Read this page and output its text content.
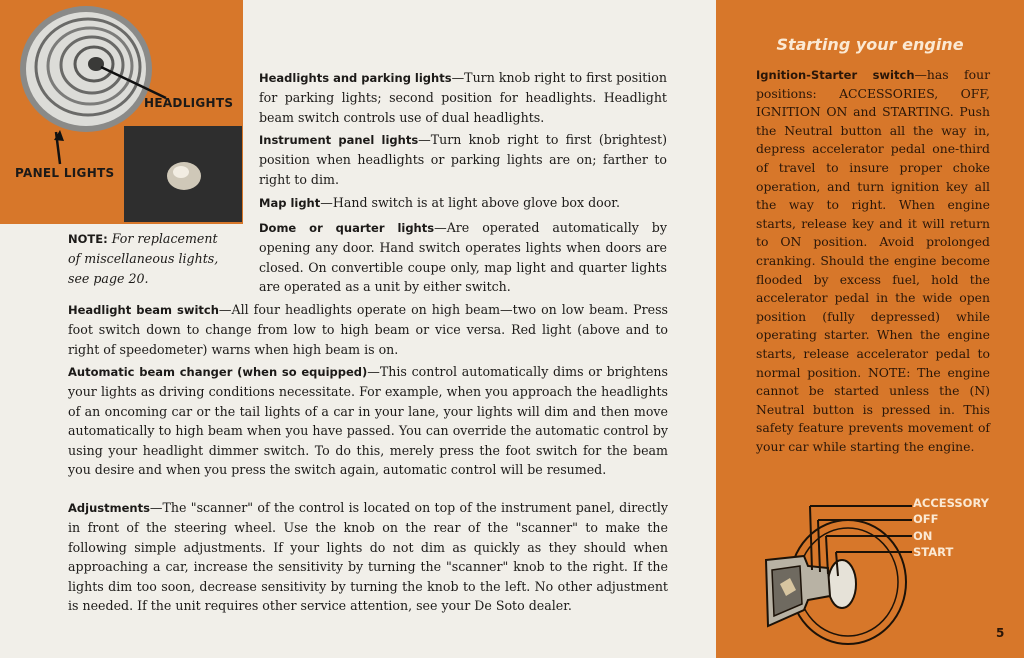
HEADLIGHTS
PANEL LIGHTS
NOTE: For replacement of miscellaneous lights, see page 20.
Headlights and parking lights—Turn knob right to first position for parking lights; second position for headlights. Headlight beam switch controls use of dual headlights.
Instrument panel lights—Turn knob right to first (brightest) position when headlights or parking lights are on; farther to right to dim.
Map light—Hand switch is at light above glove box door.
Dome or quarter lights—Are operated automatically by opening any door. Hand switch operates lights when doors are closed. On convertible coupe only, map light and quarter lights are operated as a unit by either switch.
Headlight beam switch—All four headlights operate on high beam—two on low beam. Press foot switch down to change from low to high beam or vice versa. Red light (above and to right of speedometer) warns when high beam is on.
Automatic beam changer (when so equipped)—This control automatically dims or brightens your lights as driving conditions necessitate. For example, when you approach the headlights of an oncoming car or the tail lights of a car in your lane, your lights will dim and then move automatically to high beam when you have passed. You can override the automatic control by using your headlight dimmer switch. To do this, merely press the foot switch for the beam you desire and when you press the switch again, automatic control will be resumed.
Adjustments—The "scanner" of the control is located on top of the instrument panel, directly in front of the steering wheel. Use the knob on the rear of the "scanner" to make the following simple adjustments. If your lights do not dim as quickly as they should when approaching a car, increase the sensitivity by turning the "scanner" knob to the right. If the lights dim too soon, decrease sensitivity by turning the knob to the left. No other adjustment is needed. If the unit requires other service attention, see your De Soto dealer.
Starting your engine
Ignition-Starter switch—has four positions: ACCESSORIES, OFF, IGNITION ON and STARTING. Push the Neutral button all the way in, depress accelerator pedal one-third of travel to insure proper choke operation, and turn ignition key all the way to right. When engine starts, release key and it will return to ON position. Avoid prolonged cranking. Should the engine become flooded by excess fuel, hold the accelerator pedal in the wide open position (fully depressed) while operating starter. When the engine starts, release accelerator pedal to normal position. NOTE: The engine cannot be started unless the (N) Neutral button is pressed in. This safety feature prevents movement of your car while starting the engine.
ACCESSORY
OFF
ON
START
5
